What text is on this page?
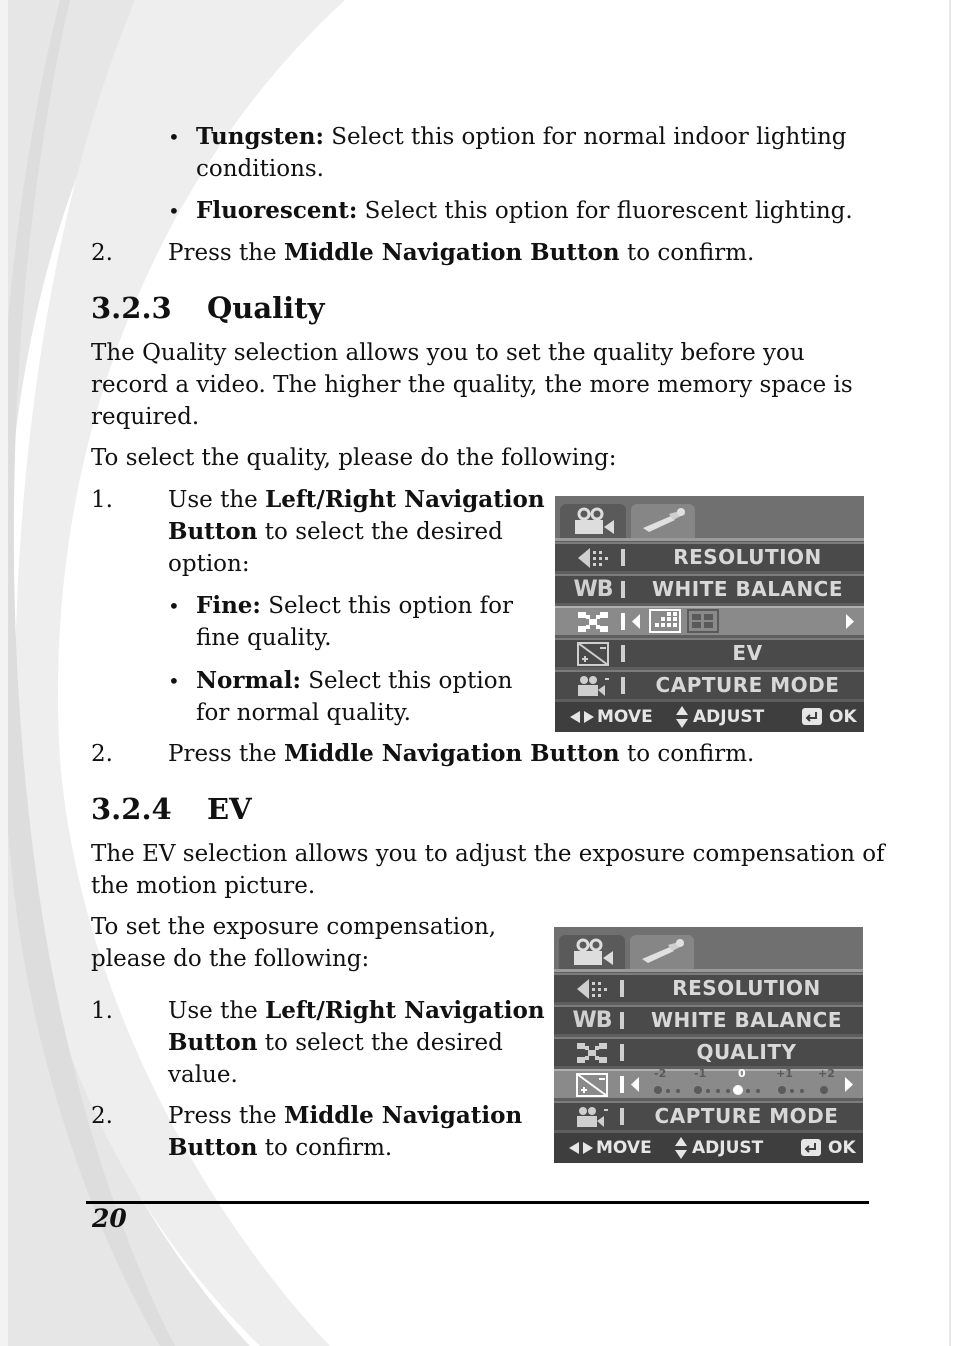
• Tungsten: Select this option for normal indoor lighting

conditions.

• Fluorescent: Select this option for fluorescent lighting.

2. Press the Middle Navigation Button to confirm.

3.2.3 Quality

The Quality selection allows you to set the quality before you

record a video. The higher the quality, the more memory space is

required.

To select the quality, please do the following:

1. Use the Left/Right Navigation

Button to select the desired

option:

• Fine: Select this option for

fine quality.

• Normal: Select this option

for normal quality.

2. Press the Middle Navigation Button to confirm.

RESOLUTION
WB	WHITE BALANCE
EV
CAPTURE MODE
MOVE ADJUST	OK
3.2.4 EV

The EV selection allows you to adjust the exposure compensation of

the motion picture.

To set the exposure compensation,

please do the following:

1. Use the Left/Right Navigation

Button to select the desired

value.

2. Press the Middle Navigation

Button to confirm.

RESOLUTION
WB	WHITE BALANCE
QUALITY
-2	-1	0	+1 +2
CAPTURE MODE
MOVE ADJUST	OK
20
